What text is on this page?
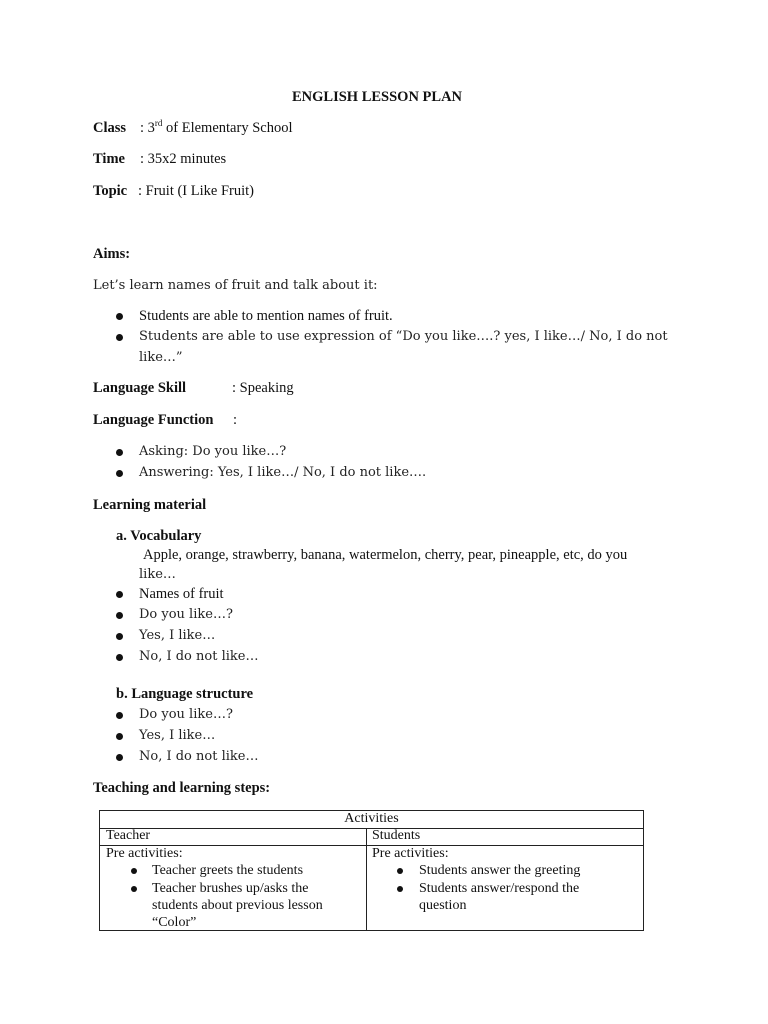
ENGLISH LESSON PLAN
Class : 3rd of Elementary School
Time : 35x2 minutes
Topic : Fruit (I Like Fruit)
Aims:
Let’s learn names of fruit and talk about it:
Students are able to mention names of fruit.
Students are able to use expression of “Do you like….? yes, I like…/ No, I do not
like…”
Language Skill	: Speaking
Language Function :
Asking: Do you like…?
Answering: Yes, I like…/ No, I do not like….
Learning material
a. Vocabulary
Apple, orange, strawberry, banana, watermelon, cherry, pear, pineapple, etc, do you
like…
Names of fruit
Do you like…?
Yes, I like…
No, I do not like…
b. Language structure
Do you like…?
Yes, I like…
No, I do not like…
Teaching and learning steps:
Activities
Teacher	Students
Pre activities:
Teacher greets the students
Teacher brushes up/asks the
students about previous lesson
“Color”
Pre activities:
Students answer the greeting
Students answer/respond the
question
